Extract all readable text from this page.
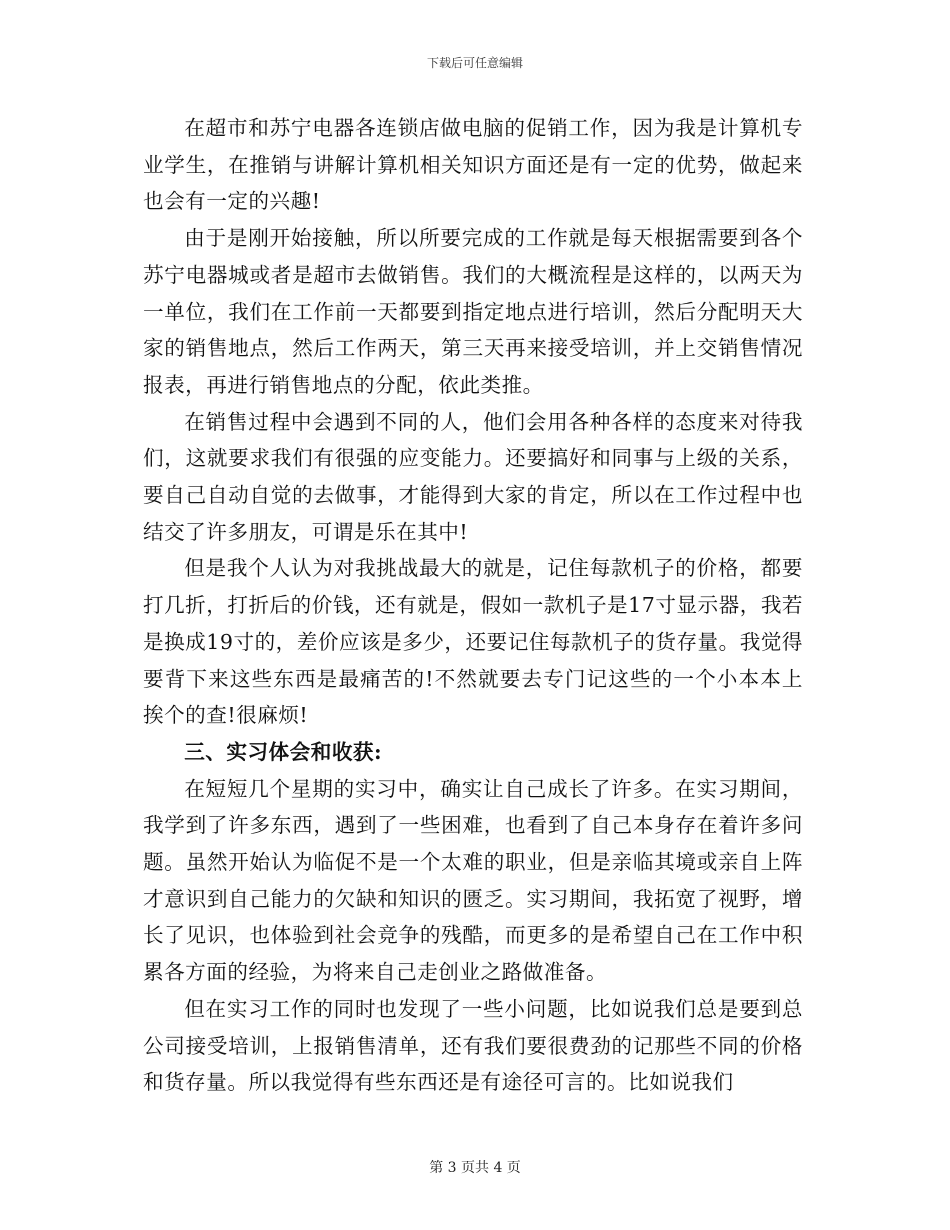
下载后可任意编辑

在超市和苏宁电器各连锁店做电脑的促销工作，因为我是计算机专业学生，在推销与讲解计算机相关知识方面还是有一定的优势，做起来也会有一定的兴趣!

由于是刚开始接触，所以所要完成的工作就是每天根据需要到各个苏宁电器城或者是超市去做销售。我们的大概流程是这样的，以两天为一单位，我们在工作前一天都要到指定地点进行培训，然后分配明天大家的销售地点，然后工作两天，第三天再来接受培训，并上交销售情况报表，再进行销售地点的分配，依此类推。

在销售过程中会遇到不同的人，他们会用各种各样的态度来对待我们，这就要求我们有很强的应变能力。还要搞好和同事与上级的关系，要自己自动自觉的去做事，才能得到大家的肯定，所以在工作过程中也结交了许多朋友，可谓是乐在其中!

但是我个人认为对我挑战最大的就是，记住每款机子的价格，都要打几折，打折后的价钱，还有就是，假如一款机子是17寸显示器，我若是换成19寸的，差价应该是多少，还要记住每款机子的货存量。我觉得要背下来这些东西是最痛苦的!不然就要去专门记这些的一个小本本上挨个的查!很麻烦!

三、实习体会和收获:

在短短几个星期的实习中，确实让自己成长了许多。在实习期间，我学到了许多东西，遇到了一些困难，也看到了自己本身存在着许多问题。虽然开始认为临促不是一个太难的职业，但是亲临其境或亲自上阵才意识到自己能力的欠缺和知识的匮乏。实习期间，我拓宽了视野，增长了见识，也体验到社会竞争的残酷，而更多的是希望自己在工作中积累各方面的经验，为将来自己走创业之路做准备。

但在实习工作的同时也发现了一些小问题，比如说我们总是要到总公司接受培训，上报销售清单，还有我们要很费劲的记那些不同的价格和货存量。所以我觉得有些东西还是有途径可言的。比如说我们

第 3 页共 4 页
